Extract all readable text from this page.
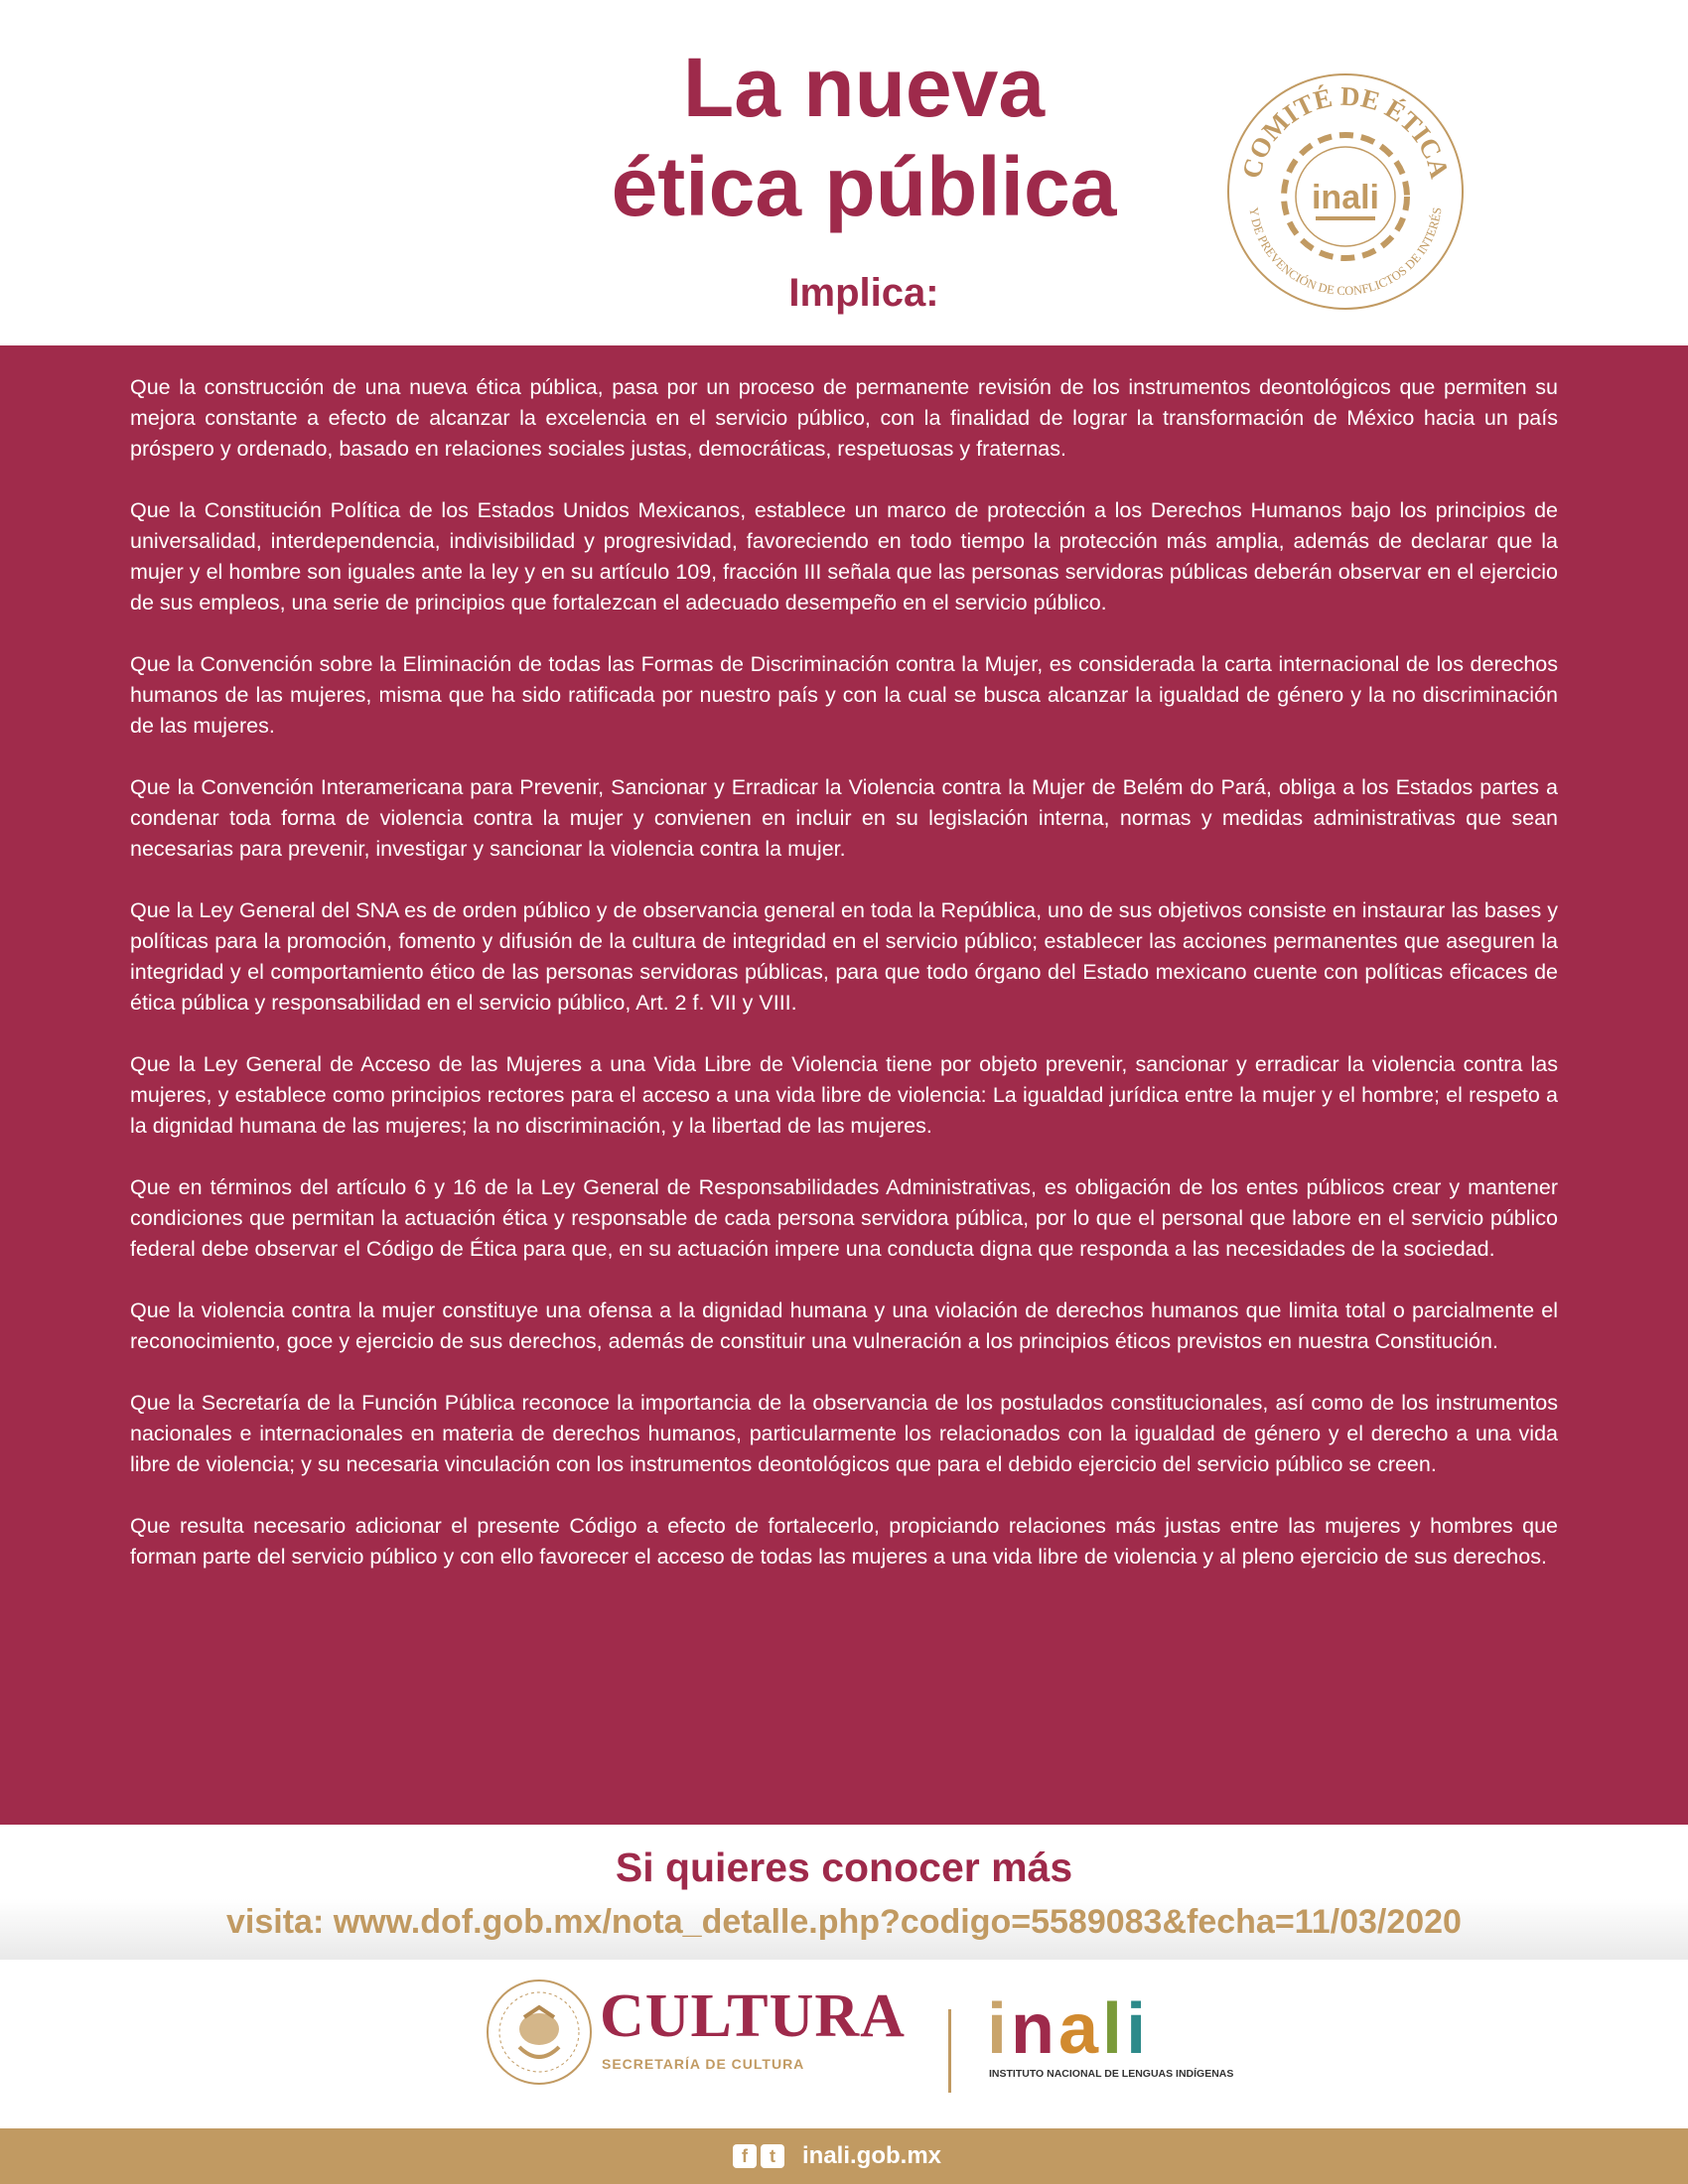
La nueva
ética pública
Implica:
COMITÉ DE ÉTICA
Y DE PREVENCIÓN DE CONFLICTOS DE INTERÉS
inali

Que la construcción de una nueva ética pública, pasa por un proceso de permanente revisión de los instrumentos deontológicos que permiten su mejora constante a efecto de alcanzar la excelencia en el servicio público, con la finalidad de lograr la transformación de México hacia un país próspero y ordenado, basado en relaciones sociales justas, democráticas, respetuosas y fraternas.

Que la Constitución Política de los Estados Unidos Mexicanos, establece un marco de protección a los Derechos Humanos bajo los principios de universalidad, interdependencia, indivisibilidad y progresividad, favoreciendo en todo tiempo la protección más amplia, además de declarar que la mujer y el hombre son iguales ante la ley y en su artículo 109, fracción III señala que las personas servidoras públicas deberán observar en el ejercicio de sus empleos, una serie de principios que fortalezcan el adecuado desempeño en el servicio público.

Que la Convención sobre la Eliminación de todas las Formas de Discriminación contra la Mujer, es considerada la carta internacional de los derechos humanos de las mujeres, misma que ha sido ratificada por nuestro país y con la cual se busca alcanzar la igualdad de género y la no discriminación de las mujeres.

Que la Convención Interamericana para Prevenir, Sancionar y Erradicar la Violencia contra la Mujer de Belém do Pará, obliga a los Estados partes a condenar toda forma de violencia contra la mujer y convienen en incluir en su legislación interna, normas y medidas administrativas que sean necesarias para prevenir, investigar y sancionar la violencia contra la mujer.

Que la Ley General del SNA es de orden público y de observancia general en toda la República, uno de sus objetivos consiste en instaurar las bases y políticas para la promoción, fomento y difusión de la cultura de integridad en el servicio público; establecer las acciones permanentes que aseguren la integridad y el comportamiento ético de las personas servidoras públicas, para que todo órgano del Estado mexicano cuente con políticas eficaces de ética pública y responsabilidad en el servicio público, Art. 2 f. VII y VIII.

Que la Ley General de Acceso de las Mujeres a una Vida Libre de Violencia tiene por objeto prevenir, sancionar y erradicar la violencia contra las mujeres, y establece como principios rectores para el acceso a una vida libre de violencia: La igualdad jurídica entre la mujer y el hombre; el respeto a la dignidad humana de las mujeres; la no discriminación, y la libertad de las mujeres.

Que en términos del artículo 6 y 16 de la Ley General de Responsabilidades Administrativas, es obligación de los entes públicos crear y mantener condiciones que permitan la actuación ética y responsable de cada persona servidora pública, por lo que el personal que labore en el servicio público federal debe observar el Código de Ética para que, en su actuación impere una conducta digna que responda a las necesidades de la sociedad.

Que la violencia contra la mujer constituye una ofensa a la dignidad humana y una violación de derechos humanos que limita total o parcialmente el reconocimiento, goce y ejercicio de sus derechos, además de constituir una vulneración a los principios éticos previstos en nuestra Constitución.

Que la Secretaría de la Función Pública reconoce la importancia de la observancia de los postulados constitucionales, así como de los instrumentos nacionales e internacionales en materia de derechos humanos, particularmente los relacionados con la igualdad de género y el derecho a una vida libre de violencia; y su necesaria vinculación con los instrumentos deontológicos que para el debido ejercicio del servicio público se creen.

Que resulta necesario adicionar el presente Código a efecto de fortalecerlo, propiciando relaciones más justas entre las mujeres y hombres que forman parte del servicio público y con ello favorecer el acceso de todas las mujeres a una vida libre de violencia y al pleno ejercicio de sus derechos.

Si quieres conocer más

visita: www.dof.gob.mx/nota_detalle.php?codigo=5589083&fecha=11/03/2020

CULTURA

SECRETARÍA DE CULTURA	inali

INSTITUTO NACIONAL DE LENGUAS INDÍGENAS

f	t	inali.gob.mx
